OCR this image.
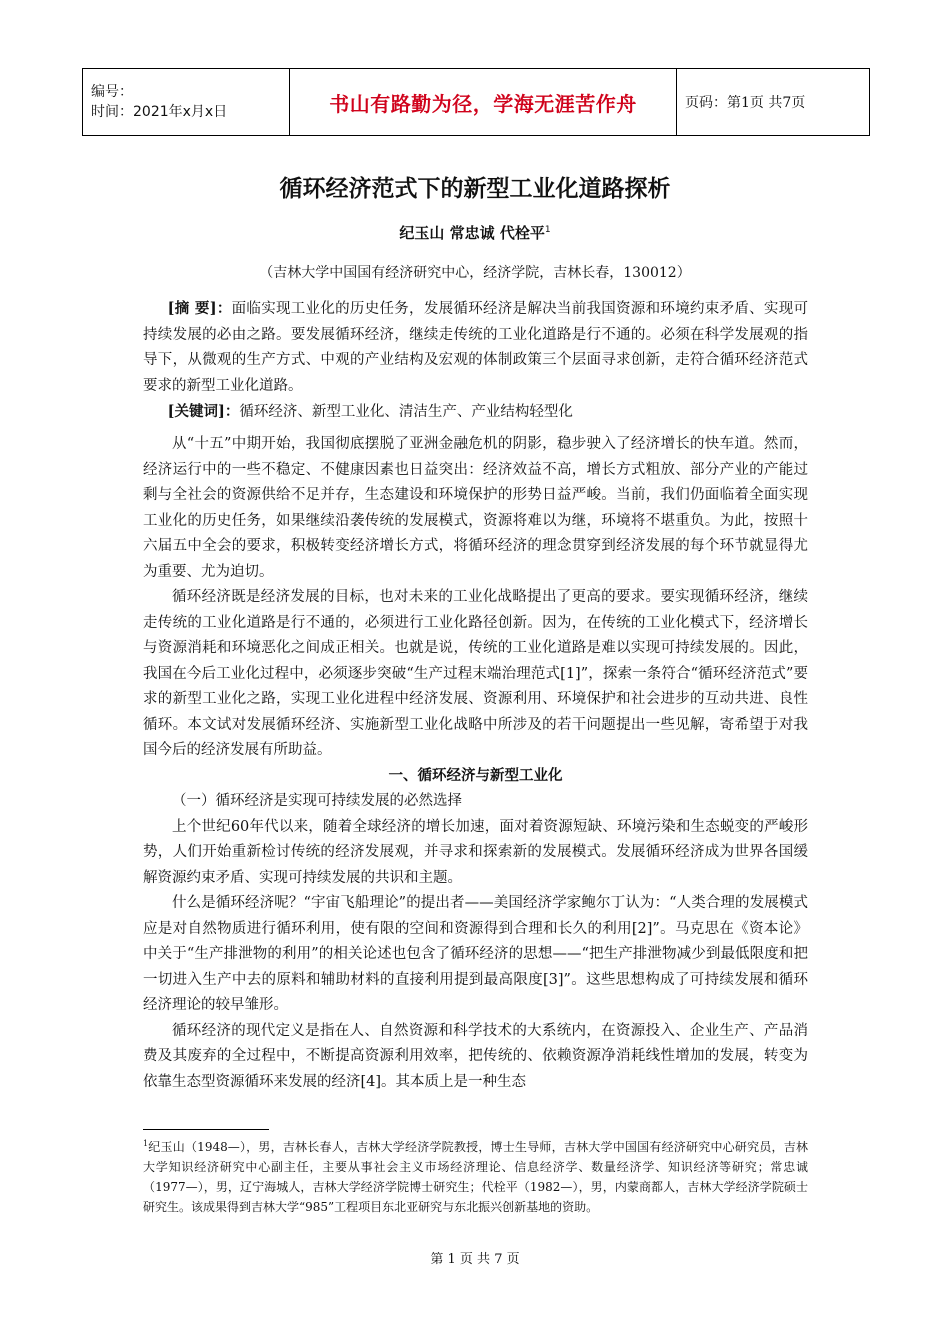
编号：
时间：2021年x月x日	书山有路勤为径，学海无涯苦作舟	页码：第1页 共7页
循环经济范式下的新型工业化道路探析
纪玉山 常忠诚 代栓平$^1$
（吉林大学中国国有经济研究中心，经济学院，吉林长春，130012）

[摘 要]：面临实现工业化的历史任务，发展循环经济是解决当前我国资源和环境约束矛盾、实现可持续发展的必由之路。要发展循环经济，继续走传统的工业化道路是行不通的。必须在科学发展观的指导下，从微观的生产方式、中观的产业结构及宏观的体制政策三个层面寻求创新，走符合循环经济范式要求的新型工业化道路。

[关键词]：循环经济、新型工业化、清洁生产、产业结构轻型化

从“十五”中期开始，我国彻底摆脱了亚洲金融危机的阴影，稳步驶入了经济增长的快车道。然而，经济运行中的一些不稳定、不健康因素也日益突出：经济效益不高，增长方式粗放、部分产业的产能过剩与全社会的资源供给不足并存，生态建设和环境保护的形势日益严峻。当前，我们仍面临着全面实现工业化的历史任务，如果继续沿袭传统的发展模式，资源将难以为继，环境将不堪重负。为此，按照十六届五中全会的要求，积极转变经济增长方式，将循环经济的理念贯穿到经济发展的每个环节就显得尤为重要、尤为迫切。

循环经济既是经济发展的目标，也对未来的工业化战略提出了更高的要求。要实现循环经济，继续走传统的工业化道路是行不通的，必须进行工业化路径创新。因为，在传统的工业化模式下，经济增长与资源消耗和环境恶化之间成正相关。也就是说，传统的工业化道路是难以实现可持续发展的。因此，我国在今后工业化过程中，必须逐步突破“生产过程末端治理范式[1]”，探索一条符合“循环经济范式”要求的新型工业化之路，实现工业化进程中经济发展、资源利用、环境保护和社会进步的互动共进、良性循环。本文试对发展循环经济、实施新型工业化战略中所涉及的若干问题提出一些见解，寄希望于对我国今后的经济发展有所助益。

一、循环经济与新型工业化

（一）循环经济是实现可持续发展的必然选择

上个世纪60年代以来，随着全球经济的增长加速，面对着资源短缺、环境污染和生态蜕变的严峻形势，人们开始重新检讨传统的经济发展观，并寻求和探索新的发展模式。发展循环经济成为世界各国缓解资源约束矛盾、实现可持续发展的共识和主题。

什么是循环经济呢？“宇宙飞船理论”的提出者——美国经济学家鲍尔丁认为：“人类合理的发展模式应是对自然物质进行循环利用，使有限的空间和资源得到合理和长久的利用[2]”。马克思在《资本论》中关于“生产排泄物的利用”的相关论述也包含了循环经济的思想——“把生产排泄物减少到最低限度和把一切进入生产中去的原料和辅助材料的直接利用提到最高限度[3]”。这些思想构成了可持续发展和循环经济理论的较早雏形。

循环经济的现代定义是指在人、自然资源和科学技术的大系统内，在资源投入、企业生产、产品消费及其废弃的全过程中，不断提高资源利用效率，把传统的、依赖资源净消耗线性增加的发展，转变为依靠生态型资源循环来发展的经济[4]。其本质上是一种生态

$^1$纪玉山（1948—），男，吉林长春人，吉林大学经济学院教授，博士生导师，吉林大学中国国有经济研究中心研究员，吉林大学知识经济研究中心副主任，主要从事社会主义市场经济理论、信息经济学、数量经济学、知识经济等研究；常忠诚（1977—），男，辽宁海城人，吉林大学经济学院博士研究生；代栓平（1982—），男，内蒙商都人，吉林大学经济学院硕士研究生。该成果得到吉林大学“985”工程项目东北亚研究与东北振兴创新基地的资助。
第 1 页 共 7 页
